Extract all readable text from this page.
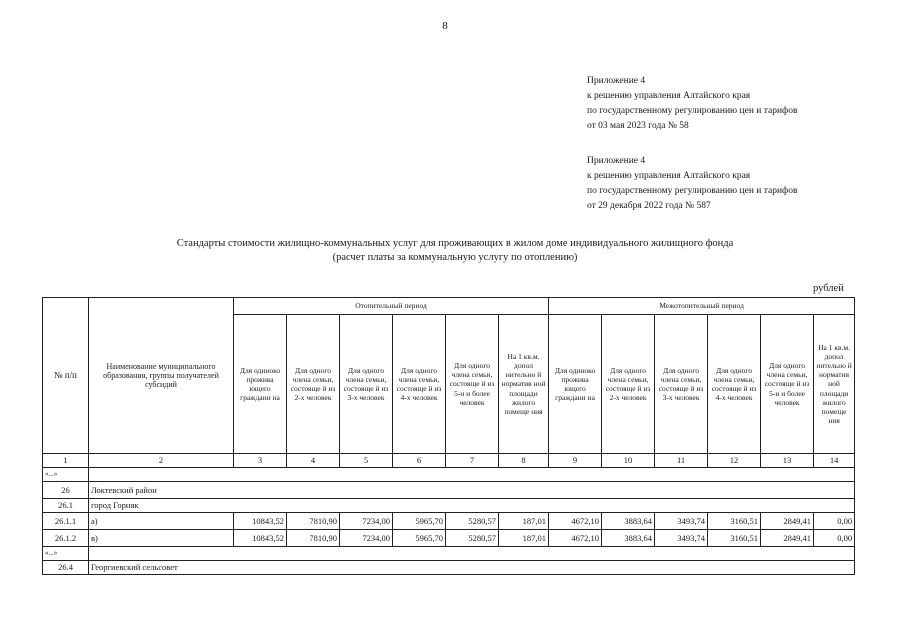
8
Приложение 4
к решению управления Алтайского края
по государственному регулированию цен и тарифов
от 03 мая 2023 года № 58
Приложение 4
к решению управления Алтайского края
по государственному регулированию цен и тарифов
от 29 декабря 2022 года № 587
Стандарты стоимости жилищно-коммунальных услуг для проживающих в жилом доме индивидуального жилищного фонда
(расчет платы за коммунальную услугу по отоплению)
рублей
№ п/п	Наименование муниципального образования, группы получателей субсидий	Отопительный период						Межотопительный период					
		Для одиноко прожива ющего граждани на	Для одного члена семьи, состояще й из 2-х человек	Для одного члена семьи, состояще й из 3-х человек	Для одного члена семьи, состояще й из 4-х человек	Для одного члена семьи, состояще й из 5-и и более человек	На 1 кв.м. допол нительно й норматив ной площади жилого помеще ния	Для одиноко прожива ющего граждани на	Для одного члена семьи, состояще й из 2-х человек	Для одного члена семьи, состояще й из 3-х человек	Для одного члена семьи, состояще й из 4-х человек	Для одного члена семьи, состояще й из 5-и и более человек	На 1 кв.м. допол нительно й норматив ной площади жилого помеще ния
1	2	3	4	5	6	7	8	9	10	11	12	13	14
«...»													
26	Локтевский район												
26.1	город Горняк												
26.1.1	а)	10843,52	7810,90	7234,00	5965,70	5280,57	187,01	4672,10	3883,64	3493,74	3160,51	2849,41	0,00
26.1.2	в)	10843,52	7810,90	7234,00	5965,70	5280,57	187,01	4672,10	3883,64	3493,74	3160,51	2849,41	0,00
«...»													
26.4	Георгиевский сельсовет												
